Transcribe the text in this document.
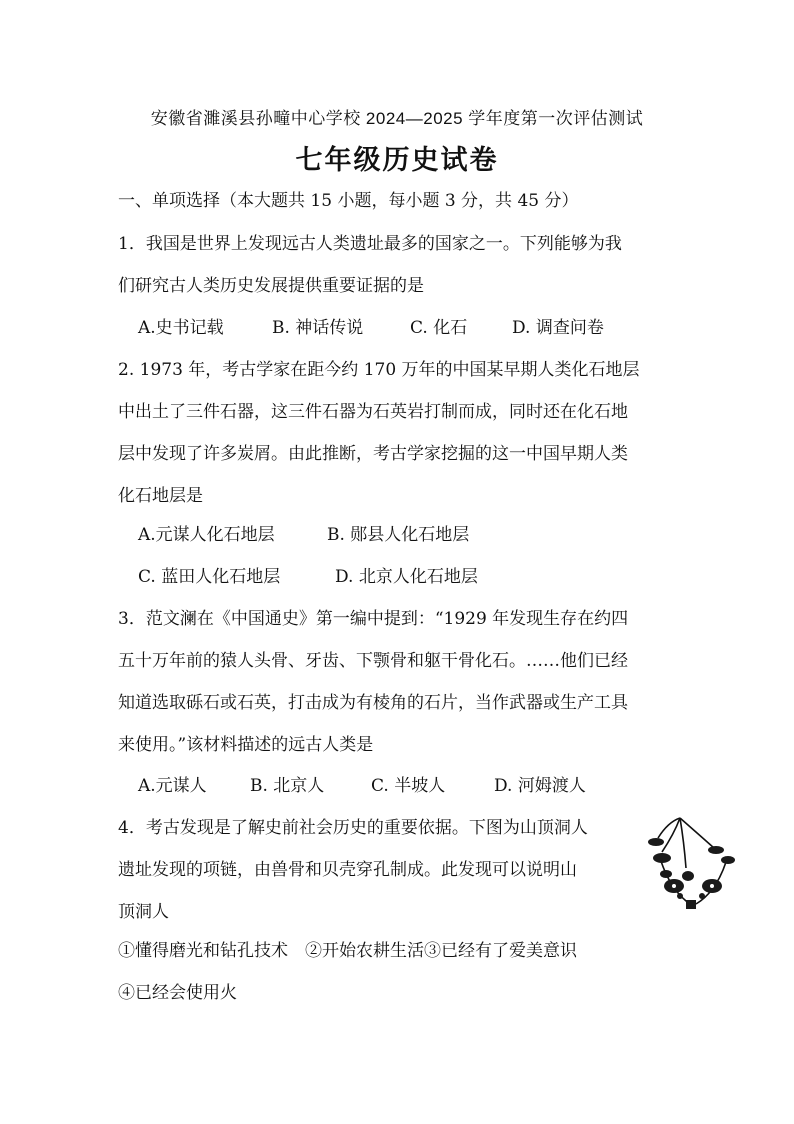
安徽省濉溪县孙疃中心学校 2024—2025 学年度第一次评估测试
七年级历史试卷
一、单项选择（本大题共 15 小题，每小题 3 分，共 45 分）
1．我国是世界上发现远古人类遗址最多的国家之一。下列能够为我
们研究古人类历史发展提供重要证据的是
A.史书记载	B. 神话传说	C. 化石	D. 调查问卷
2. 1973 年，考古学家在距今约 170 万年的中国某早期人类化石地层
中出土了三件石器，这三件石器为石英岩打制而成，同时还在化石地
层中发现了许多炭屑。由此推断，考古学家挖掘的这一中国早期人类
化石地层是
A.元谋人化石地层	B. 郧县人化石地层
C. 蓝田人化石地层	D. 北京人化石地层
3．范文澜在《中国通史》第一编中提到：“1929 年发现生存在约四
五十万年前的猿人头骨、牙齿、下颚骨和躯干骨化石。……他们已经
知道选取砾石或石英，打击成为有棱角的石片，当作武器或生产工具
来使用。”该材料描述的远古人类是
A.元谋人	B. 北京人	C. 半坡人	D. 河姆渡人
4．考古发现是了解史前社会历史的重要依据。下图为山顶洞人
遗址发现的项链，由兽骨和贝壳穿孔制成。此发现可以说明山
顶洞人
①懂得磨光和钻孔技术　②开始农耕生活③已经有了爱美意识
④已经会使用火
